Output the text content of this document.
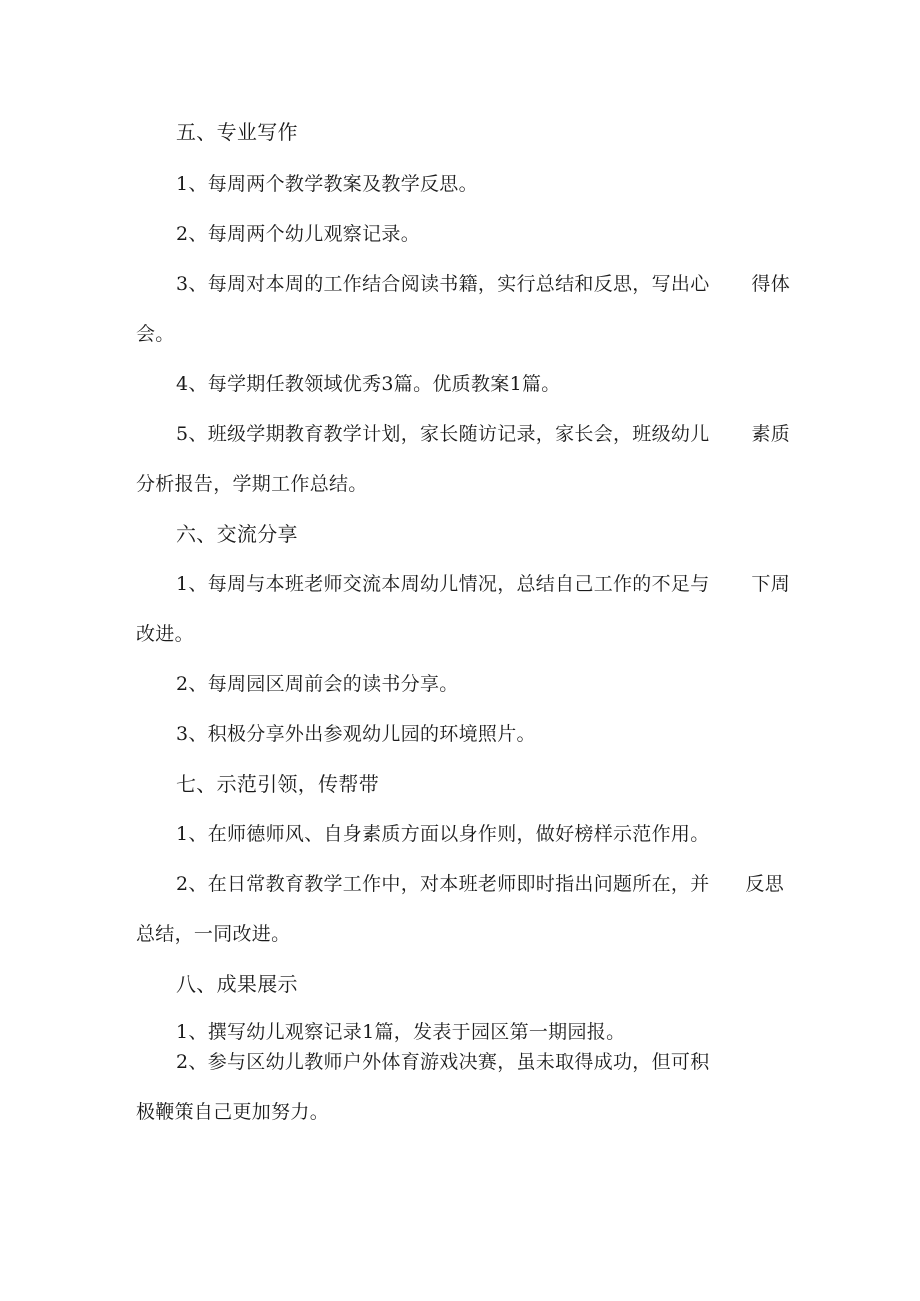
五、专业写作
1、每周两个教学教案及教学反思。
2、每周两个幼儿观察记录。
3、每周对本周的工作结合阅读书籍，实行总结和反思，写出心 得体
会。
4、每学期任教领域优秀3篇。优质教案1篇。
5、班级学期教育教学计划，家长随访记录，家长会，班级幼儿 素质
分析报告，学期工作总结。
六、交流分享
1、每周与本班老师交流本周幼儿情况，总结自己工作的不足与 下周
改进。
2、每周园区周前会的读书分享。
3、积极分享外出参观幼儿园的环境照片。
七、示范引领，传帮带
1、在师德师风、自身素质方面以身作则，做好榜样示范作用。
2、在日常教育教学工作中，对本班老师即时指出问题所在，并 反思
总结，一同改进。
八、成果展示
1、撰写幼儿观察记录1篇，发表于园区第一期园报。
2、参与区幼儿教师户外体育游戏决赛，虽未取得成功，但可积
极鞭策自己更加努力。
